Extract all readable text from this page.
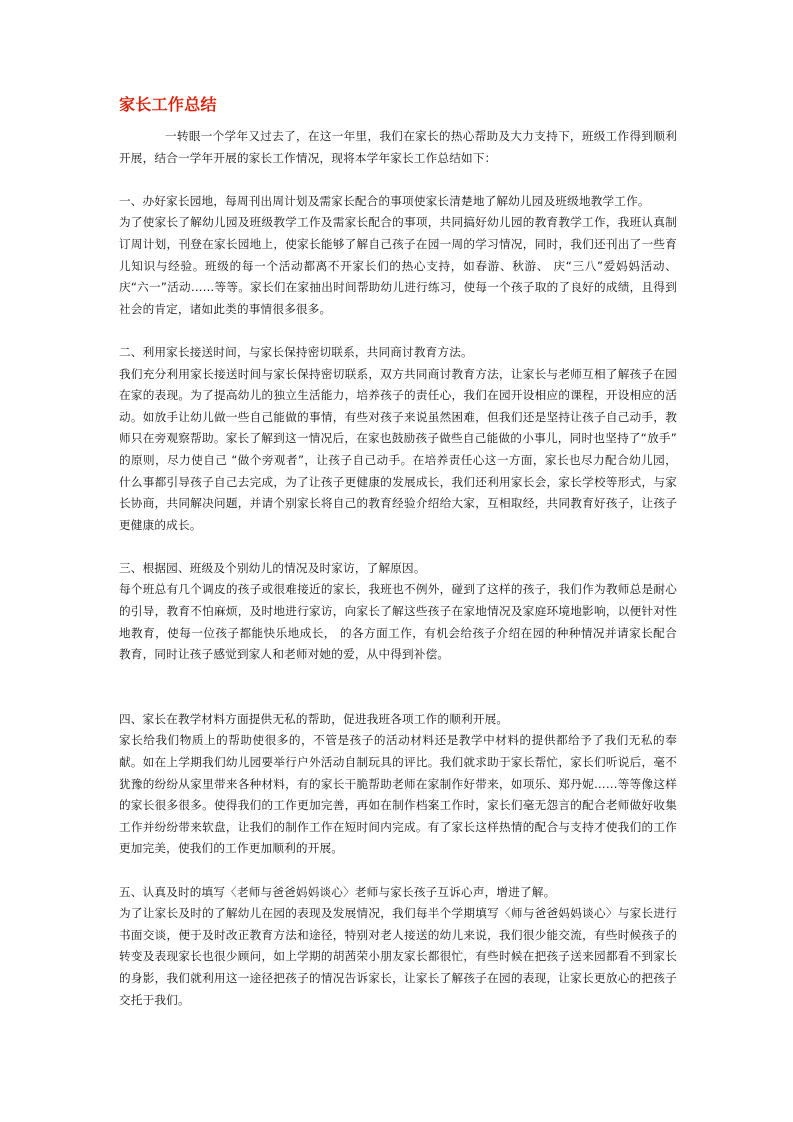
家长工作总结

一转眼一个学年又过去了，在这一年里，我们在家长的热心帮助及大力支持下，班级工作得到顺利开展，结合一学年开展的家长工作情况，现将本学年家长工作总结如下：

一、办好家长园地，每周刊出周计划及需家长配合的事项使家长清楚地了解幼儿园及班级地教学工作。

为了使家长了解幼儿园及班级教学工作及需家长配合的事项，共同搞好幼儿园的教育教学工作，我班认真制订周计划，刊登在家长园地上，使家长能够了解自己孩子在园一周的学习情况，同时，我们还刊出了一些育儿知识与经验。班级的每一个活动都离不开家长们的热心支持，如春游、秋游、 庆“三八”爱妈妈活动、庆“六一”活动……等等。家长们在家抽出时间帮助幼儿进行练习，使每一个孩子取的了良好的成绩，且得到社会的肯定，诸如此类的事情很多很多。

二、利用家长接送时间，与家长保持密切联系，共同商讨教育方法。

我们充分利用家长接送时间与家长保持密切联系，双方共同商讨教育方法，让家长与老师互相了解孩子在园在家的表现。为了提高幼儿的独立生活能力，培养孩子的责任心，我们在园开设相应的课程，开设相应的活动。如放手让幼儿做一些自己能做的事情，有些对孩子来说虽然困难，但我们还是坚持让孩子自己动手，教师只在旁观察帮助。家长了解到这一情况后，在家也鼓励孩子做些自己能做的小事儿，同时也坚持了“放手” 的原则，尽力使自己 “做个旁观者”，让孩子自己动手。在培养责任心这一方面，家长也尽力配合幼儿园，什么事都引导孩子自己去完成，为了让孩子更健康的发展成长，我们还利用家长会，家长学校等形式，与家长协商，共同解决问题，并请个别家长将自己的教育经验介绍给大家，互相取经，共同教育好孩子，让孩子更健康的成长。

三、根据园、班级及个别幼儿的情况及时家访，了解原因。

每个班总有几个调皮的孩子或很难接近的家长，我班也不例外，碰到了这样的孩子，我们作为教师总是耐心的引导，教育不怕麻烦，及时地进行家访，向家长了解这些孩子在家地情况及家庭环境地影响，以便针对性地教育，使每一位孩子都能快乐地成长， 的各方面工作，有机会给孩子介绍在园的种种情况并请家长配合教育，同时让孩子感觉到家人和老师对她的爱，从中得到补偿。

四、家长在教学材料方面提供无私的帮助，促进我班各项工作的顺利开展。

家长给我们物质上的帮助使很多的，不管是孩子的活动材料还是教学中材料的提供都给予了我们无私的奉献。如在上学期我们幼儿园要举行户外活动自制玩具的评比。我们就求助于家长帮忙，家长们听说后，毫不犹豫的纷纷从家里带来各种材料，有的家长干脆帮助老师在家制作好带来，如项乐、郑丹妮……等等像这样的家长很多很多。使得我们的工作更加完善，再如在制作档案工作时，家长们毫无怨言的配合老师做好收集工作并纷纷带来软盘，让我们的制作工作在短时间内完成。有了家长这样热情的配合与支持才使我们的工作更加完美，使我们的工作更加顺利的开展。

五、认真及时的填写〈老师与爸爸妈妈谈心〉老师与家长孩子互诉心声，增进了解。

为了让家长及时的了解幼儿在园的表现及发展情况，我们每半个学期填写〈师与爸爸妈妈谈心〉与家长进行书面交谈，便于及时改正教育方法和途径，特别对老人接送的幼儿来说，我们很少能交流，有些时候孩子的转变及表现家长也很少顾问，如上学期的胡茜荣小朋友家长都很忙，有些时候在把孩子送来园都看不到家长的身影，我们就利用这一途径把孩子的情况告诉家长，让家长了解孩子在园的表现，让家长更放心的把孩子交托于我们。
